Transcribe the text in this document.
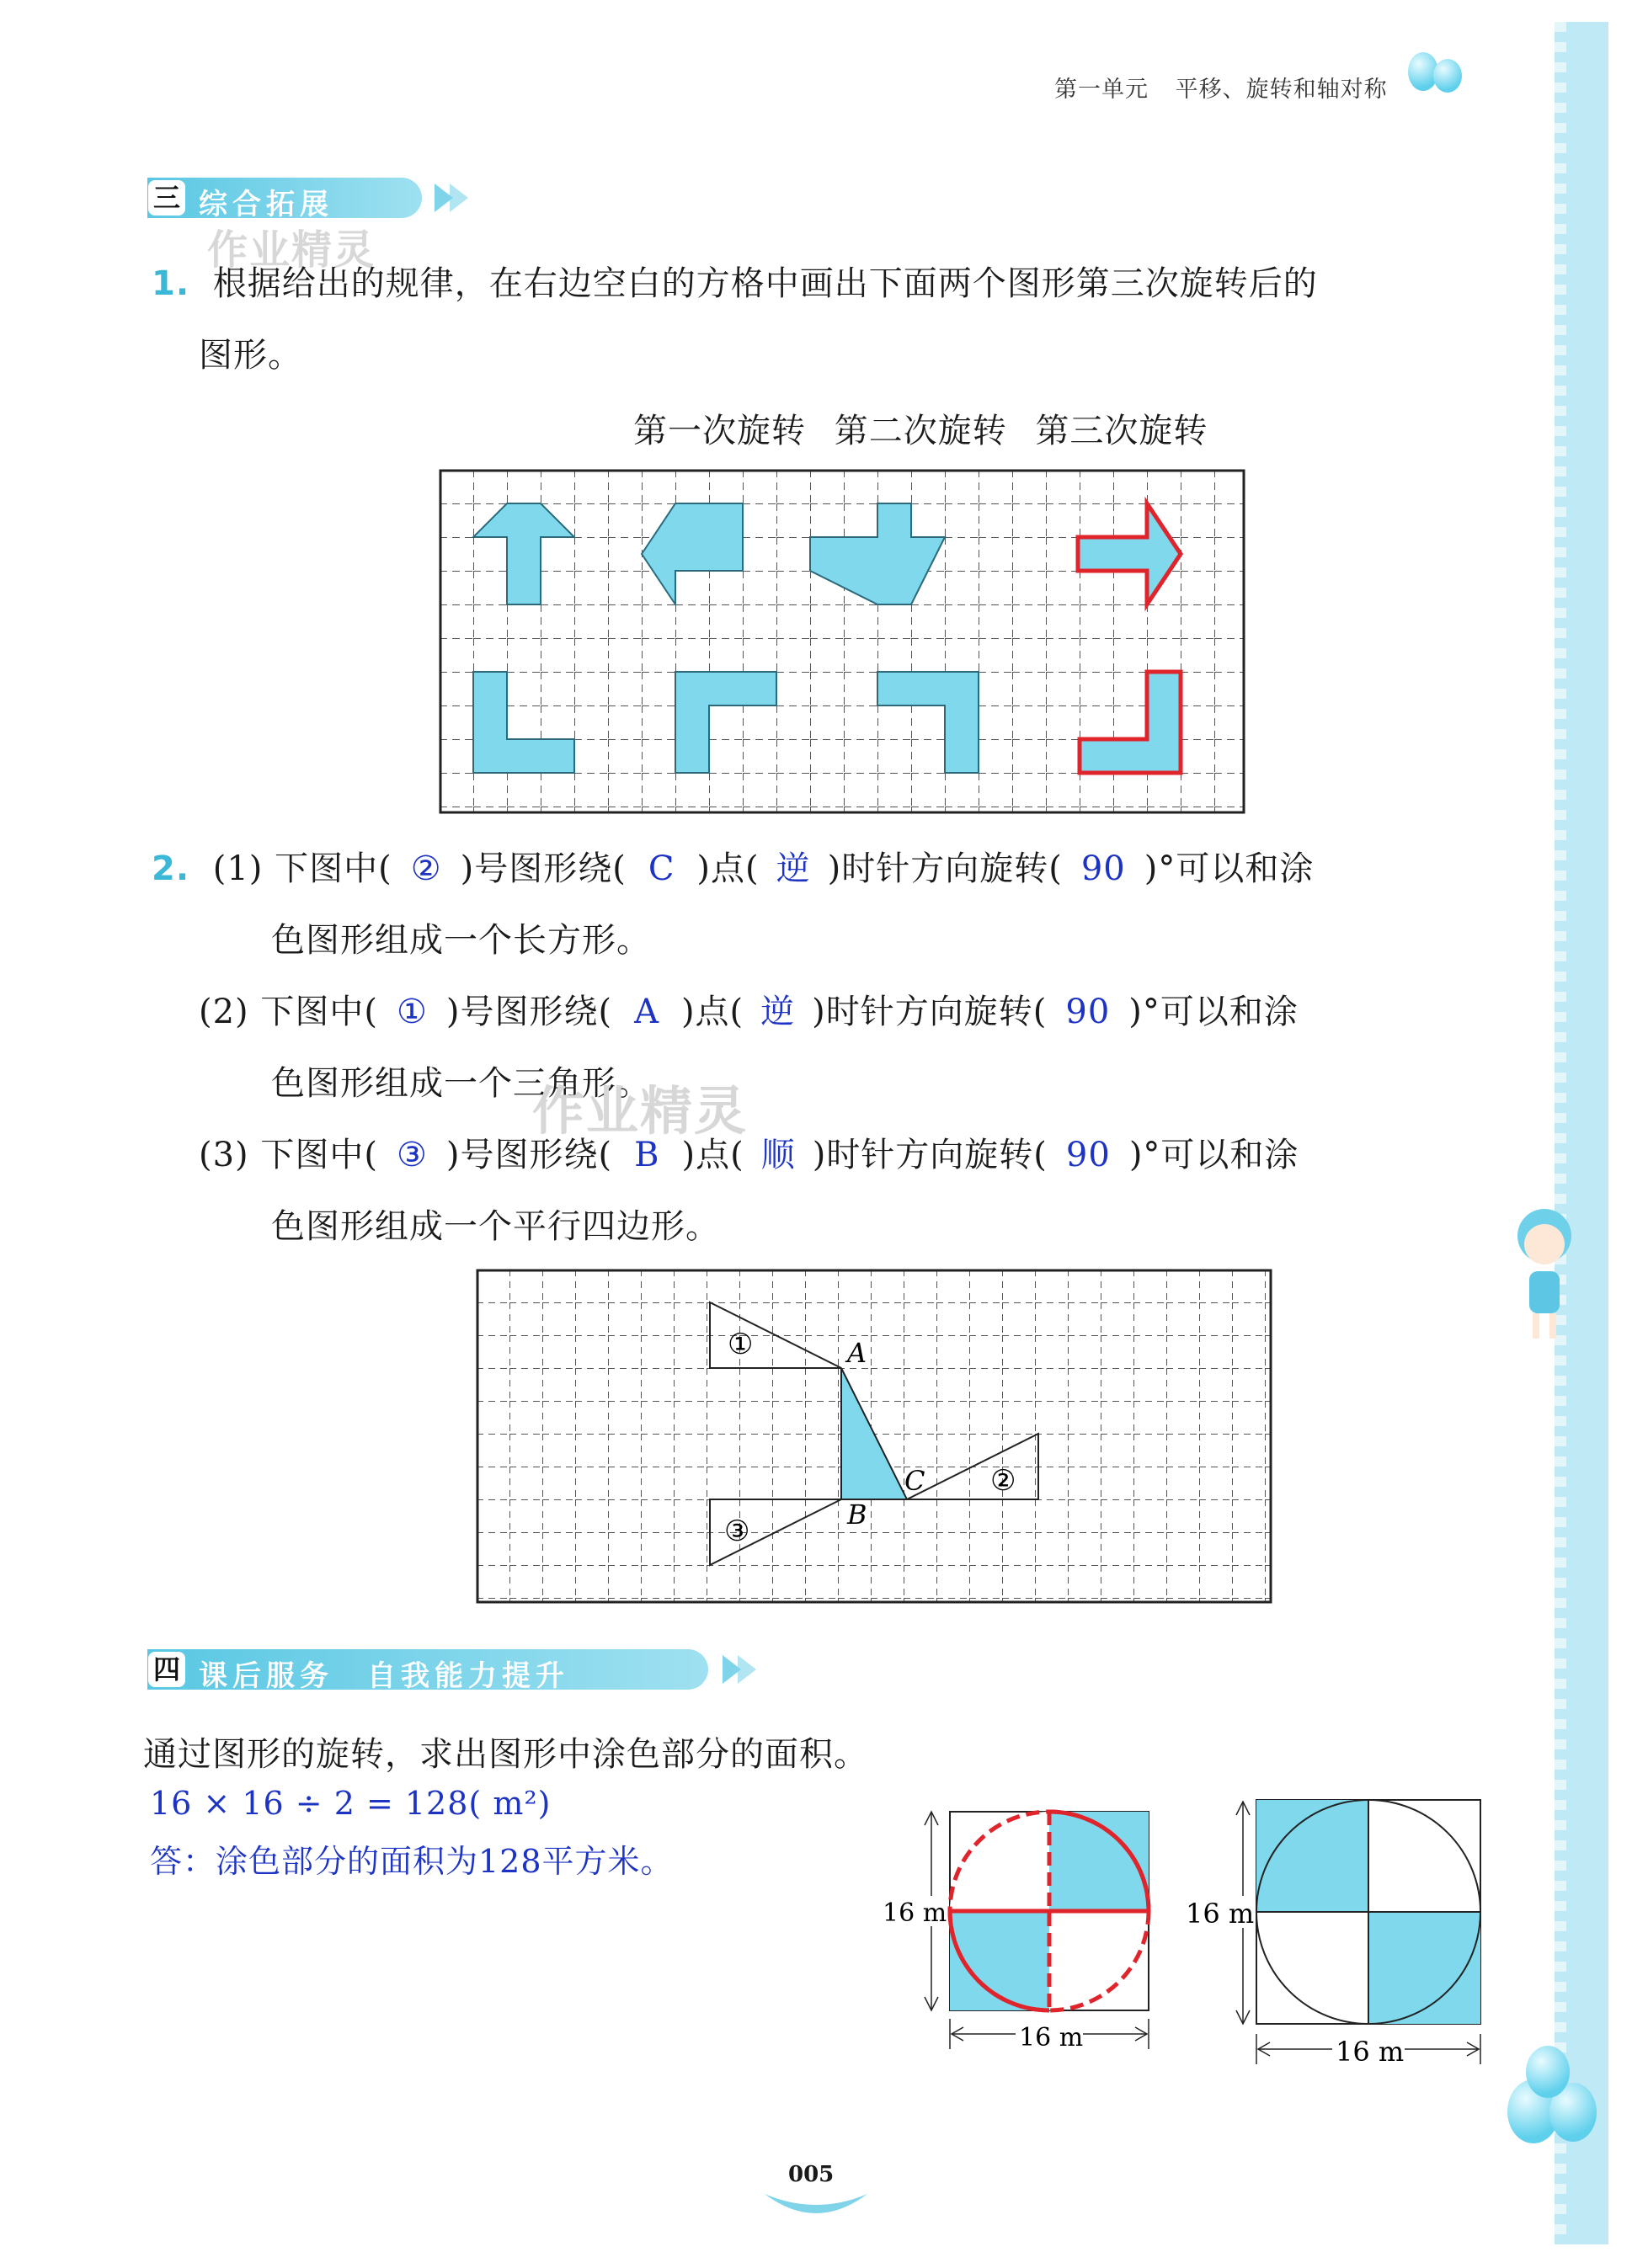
第一单元 平移、旋转和轴对称
三 综合拓展
作业精灵
1. 根据给出的规律，在右边空白的方格中画出下面两个图形第三次旋转后的
图形。
第一次旋转 第二次旋转 第三次旋转
2. (1) 下图中( ② )号图形绕( C )点( 逆 )时针方向旋转( 90 )°可以和涂
色图形组成一个长方形。
(2) 下图中( ① )号图形绕( A )点( 逆 )时针方向旋转( 90 )°可以和涂
色图形组成一个三角形。
作业精灵
(3) 下图中( ③ )号图形绕( B )点( 顺 )时针方向旋转( 90 )°可以和涂
色图形组成一个平行四边形。
①
②
③
A
B
C
四 课后服务　自我能力提升
通过图形的旋转，求出图形中涂色部分的面积。
16 × 16 ÷ 2 = 128( m²)
答：涂色部分的面积为128平方米。
16 m
16 m
16 m
16 m
005
